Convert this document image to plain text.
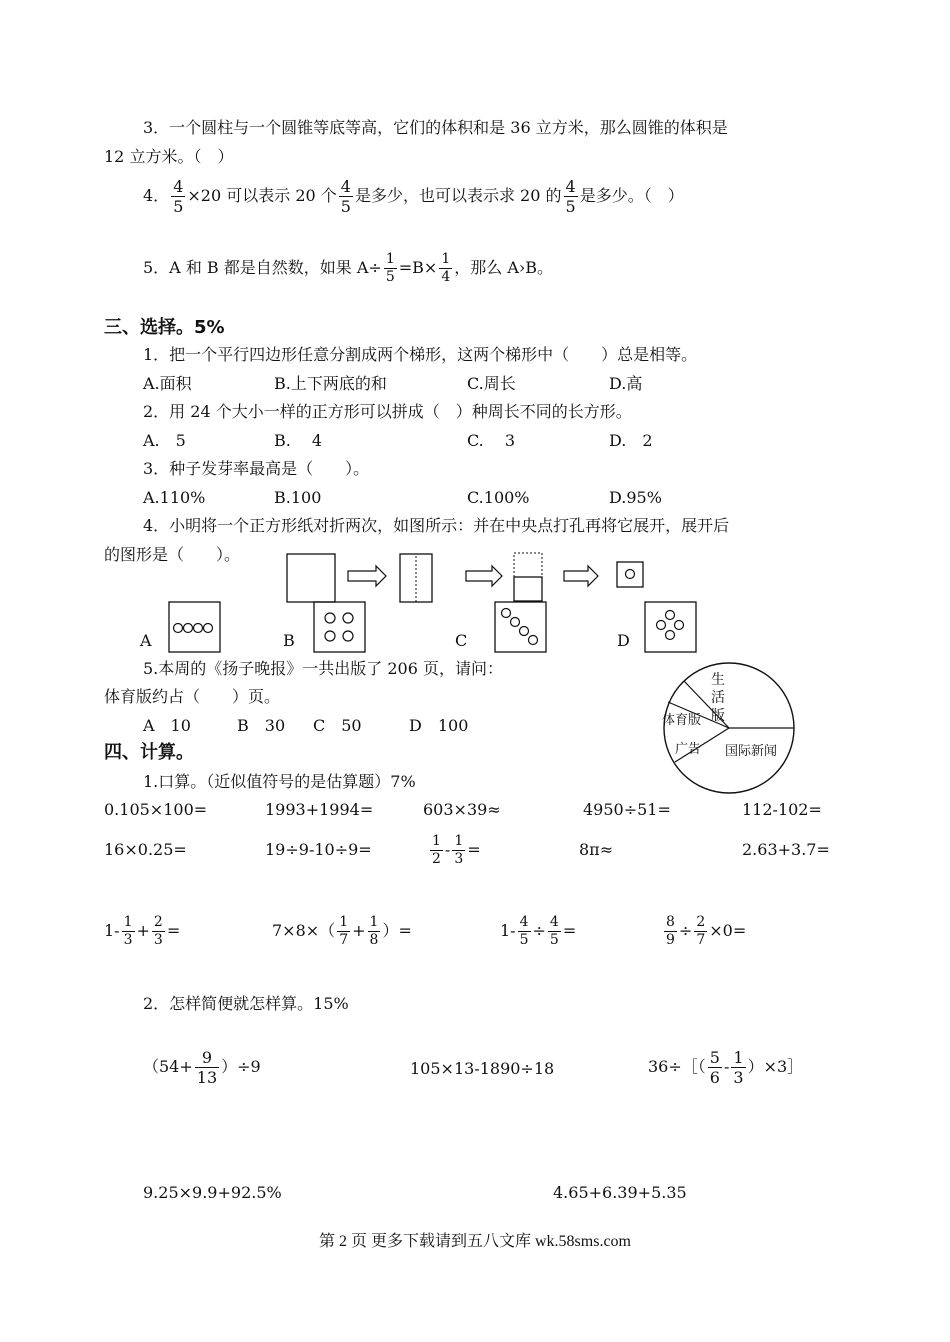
3．一个圆柱与一个圆锥等底等高，它们的体积和是 36 立方米，那么圆锥的体积是
12 立方米。（　）
4． $\frac{4}{5} \times 20$ 可以表示 20 个 $\frac{4}{5}$ 是多少，也可以表示求 20 的 $\frac{4}{5}$ 是多少。（　）
5．A 和 B 都是自然数，如果 $A\div \frac{1}{5} =B\times \frac{1}{4}$ ，那么 A›B。
三、选择。5%
1．把一个平行四边形任意分割成两个梯形，这两个梯形中（　　）总是相等。
A.面积	B.上下两底的和	C.周长	D.高
2．用 24 个大小一样的正方形可以拼成（　）种周长不同的长方形。
A.　5	B.　 4	C.　 3	D.　2
3．种子发芽率最高是（　　）。
A.110%	B.100	C.100%	D.95%
4．小明将一个正方形纸对折两次，如图所示：并在中央点打孔再将它展开，展开后
的图形是（　　）。
A	B	C	D
5.本周的《扬子晚报》一共出版了 206 页，请问：
体育版约占（　　）页。
A　10	B　30 C　50	D　100
生
活
版
体育版
广告 国际新闻
四、计算。
1.口算。（近似值符号的是估算题）7%
0.105×100=	1993+1994=	603×39≈	4950÷51=	112-102=
16×0.25=	19÷9-10÷9=	$\frac{1}{2} - \frac{1}{3}$ =	8π≈	2.63+3.7=
$1- \frac{1}{3} + \frac{2}{3}$ =	$7\times 8\times( \frac{1}{7} + \frac{1}{8}$ ）=	$1- \frac{4}{5} \div \frac{4}{5}$ =	$\frac{8}{9} \div \frac{2}{7} \times 0=$
2．怎样简便就怎样算。15%
$(54+ \frac{9}{13} )\div 9$	105×13-1890÷18	36÷［（ $\frac{5}{6} - \frac{1}{3}$ ）×3］
9.25×9.9+92.5%	4.65+6.39+5.35
第 2 页 更多下载请到五八文库 wk.58sms.com
